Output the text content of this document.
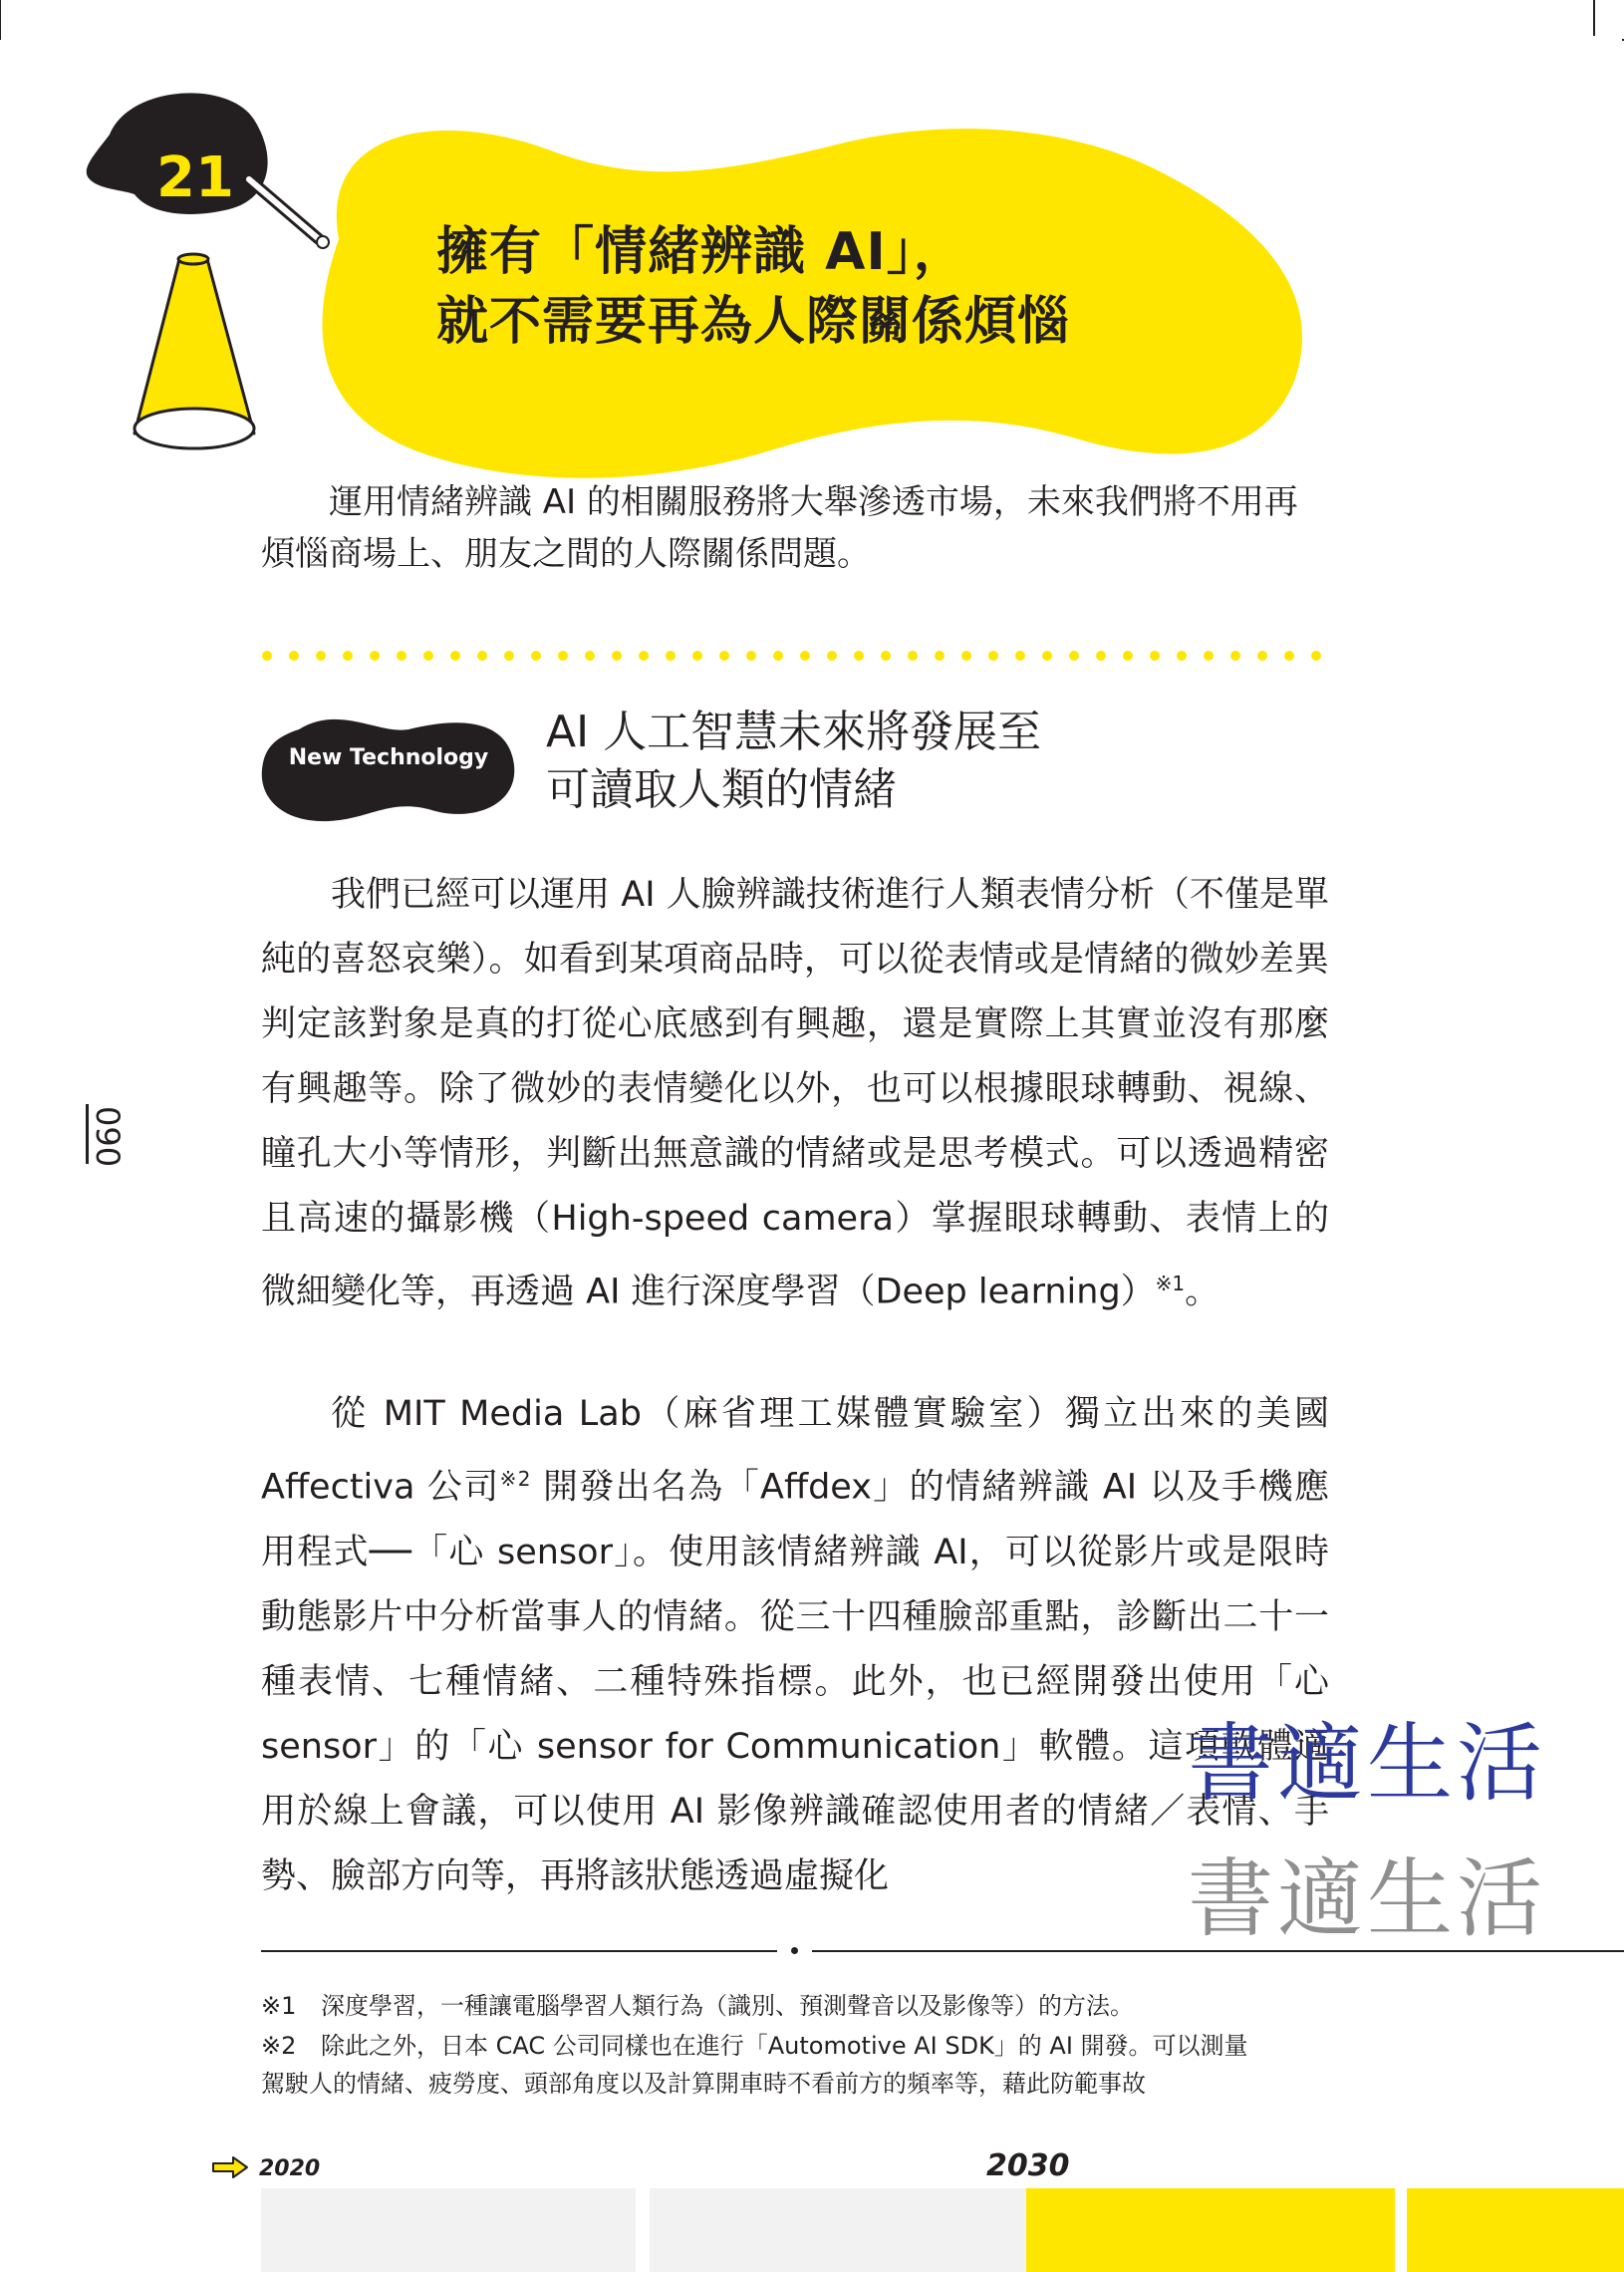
21
擁有「情緒辨識 AI」，
就不需要再為人際關係煩惱
運用情緒辨識 AI 的相關服務將大舉滲透市場，未來我們將不用再煩惱商場上、朋友之間的人際關係問題。
New Technology
AI 人工智慧未來將發展至
可讀取人類的情緒
我們已經可以運用 AI 人臉辨識技術進行人類表情分析（不僅是單純的喜怒哀樂）。如看到某項商品時，可以從表情或是情緒的微妙差異判定該對象是真的打從心底感到有興趣，還是實際上其實並沒有那麼有興趣等。除了微妙的表情變化以外，也可以根據眼球轉動、視線、瞳孔大小等情形，判斷出無意識的情緒或是思考模式。可以透過精密且高速的攝影機（High-speed camera）掌握眼球轉動、表情上的微細變化等，再透過 AI 進行深度學習（Deep learning）$^{※1}$。
從 MIT Media Lab（麻省理工媒體實驗室）獨立出來的美國 Affectiva 公司$^{※2}$ 開發出名為「Affdex」的情緒辨識 AI 以及手機應用程式──「心 sensor」。使用該情緒辨識 AI，可以從影片或是限時動態影片中分析當事人的情緒。從三十四種臉部重點，診斷出二十一種表情、七種情緒、二種特殊指標。此外，也已經開發出使用「心 sensor」的「心 sensor for Communication」軟體。這項軟體適用於線上會議，可以使用 AI 影像辨識確認使用者的情緒／表情、手勢、臉部方向等，再將該狀態透過虛擬化
※1 深度學習，一種讓電腦學習人類行為（識別、預測聲音以及影像等）的方法。
※2 除此之外，日本 CAC 公司同樣也在進行「Automotive AI SDK」的 AI 開發。可以測量
駕駛人的情緒、疲勞度、頭部角度以及計算開車時不看前方的頻率等，藉此防範事故
090
2020	2030
書適生活
書適生活
